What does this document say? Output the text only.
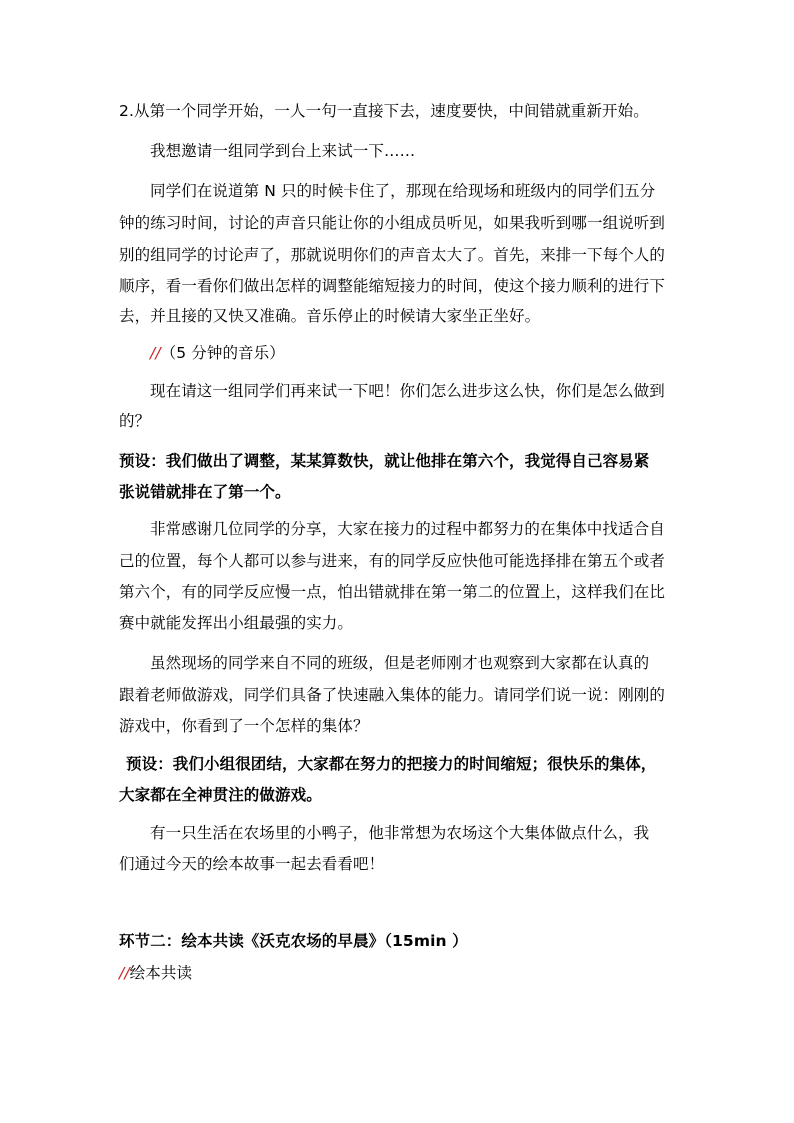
2.从第一个同学开始，一人一句一直接下去，速度要快，中间错就重新开始。
我想邀请一组同学到台上来试一下……
同学们在说道第 N 只的时候卡住了，那现在给现场和班级内的同学们五分
钟的练习时间，讨论的声音只能让你的小组成员听见，如果我听到哪一组说听到
别的组同学的讨论声了，那就说明你们的声音太大了。首先，来排一下每个人的
顺序，看一看你们做出怎样的调整能缩短接力的时间，使这个接力顺利的进行下
去，并且接的又快又准确。音乐停止的时候请大家坐正坐好。
//（5 分钟的音乐）
现在请这一组同学们再来试一下吧！你们怎么进步这么快，你们是怎么做到
的？
预设：我们做出了调整，某某算数快，就让他排在第六个，我觉得自己容易紧
张说错就排在了第一个。
非常感谢几位同学的分享，大家在接力的过程中都努力的在集体中找适合自
己的位置，每个人都可以参与进来，有的同学反应快他可能选择排在第五个或者
第六个，有的同学反应慢一点，怕出错就排在第一第二的位置上，这样我们在比
赛中就能发挥出小组最强的实力。
虽然现场的同学来自不同的班级，但是老师刚才也观察到大家都在认真的
跟着老师做游戏，同学们具备了快速融入集体的能力。请同学们说一说：刚刚的
游戏中，你看到了一个怎样的集体？
预设：我们小组很团结，大家都在努力的把接力的时间缩短；很快乐的集体，
大家都在全神贯注的做游戏。
有一只生活在农场里的小鸭子，他非常想为农场这个大集体做点什么，我
们通过今天的绘本故事一起去看看吧！
环节二：绘本共读《沃克农场的早晨》（15min ）
//绘本共读
